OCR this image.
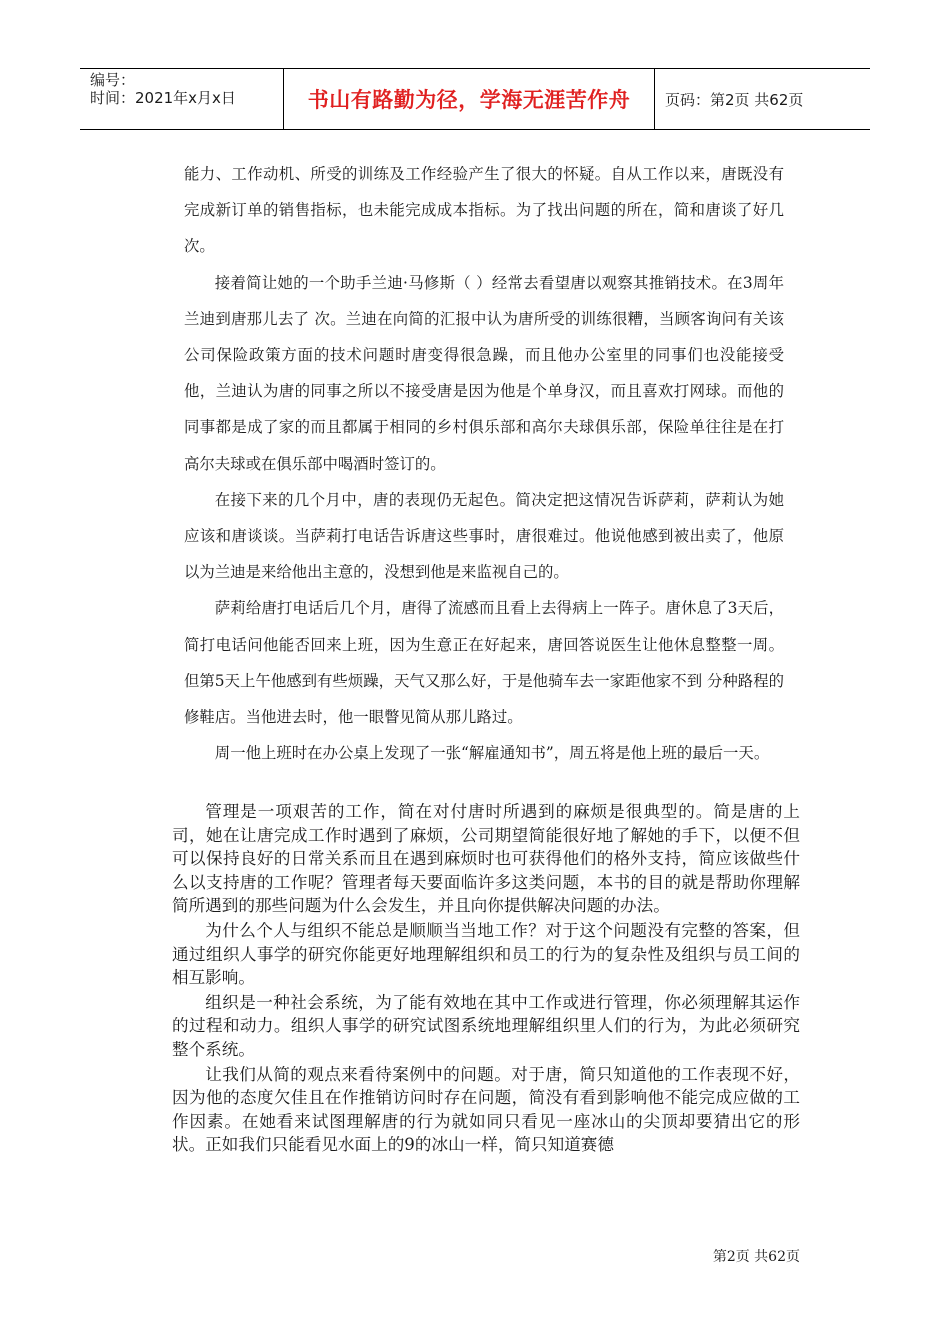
编号：
时间：2021年x月x日	书山有路勤为径，学海无涯苦作舟	页码：第2页 共62页

能力、工作动机、所受的训练及工作经验产生了很大的怀疑。自从工作以来，唐既没有完成新订单的销售指标，也未能完成成本指标。为了找出问题的所在，简和唐谈了好几次。

接着简让她的一个助手兰迪·马修斯（ ）经常去看望唐以观察其推销技术。在3周年兰迪到唐那儿去了 次。兰迪在向简的汇报中认为唐所受的训练很糟，当顾客询问有关该公司保险政策方面的技术问题时唐变得很急躁，而且他办公室里的同事们也没能接受他，兰迪认为唐的同事之所以不接受唐是因为他是个单身汉，而且喜欢打网球。而他的同事都是成了家的而且都属于相同的乡村俱乐部和高尔夫球俱乐部，保险单往往是在打高尔夫球或在俱乐部中喝酒时签订的。

在接下来的几个月中，唐的表现仍无起色。简决定把这情况告诉萨莉，萨莉认为她应该和唐谈谈。当萨莉打电话告诉唐这些事时，唐很难过。他说他感到被出卖了，他原以为兰迪是来给他出主意的，没想到他是来监视自己的。

萨莉给唐打电话后几个月，唐得了流感而且看上去得病上一阵子。唐休息了3天后，简打电话问他能否回来上班，因为生意正在好起来，唐回答说医生让他休息整整一周。但第5天上午他感到有些烦躁，天气又那么好，于是他骑车去一家距他家不到 分种路程的修鞋店。当他进去时，他一眼瞥见简从那儿路过。

周一他上班时在办公桌上发现了一张“解雇通知书”，周五将是他上班的最后一天。

管理是一项艰苦的工作，简在对付唐时所遇到的麻烦是很典型的。简是唐的上司，她在让唐完成工作时遇到了麻烦，公司期望简能很好地了解她的手下，以便不但可以保持良好的日常关系而且在遇到麻烦时也可获得他们的格外支持，简应该做些什么以支持唐的工作呢？管理者每天要面临许多这类问题，本书的目的就是帮助你理解简所遇到的那些问题为什么会发生，并且向你提供解决问题的办法。

为什么个人与组织不能总是顺顺当当地工作？对于这个问题没有完整的答案，但通过组织人事学的研究你能更好地理解组织和员工的行为的复杂性及组织与员工间的相互影响。

组织是一种社会系统，为了能有效地在其中工作或进行管理，你必须理解其运作的过程和动力。组织人事学的研究试图系统地理解组织里人们的行为，为此必须研究整个系统。

让我们从简的观点来看待案例中的问题。对于唐，简只知道他的工作表现不好，因为他的态度欠佳且在作推销访问时存在问题，简没有看到影响他不能完成应做的工作因素。在她看来试图理解唐的行为就如同只看见一座冰山的尖顶却要猜出它的形状。正如我们只能看见水面上的9的冰山一样，简只知道赛德

第2页 共62页
